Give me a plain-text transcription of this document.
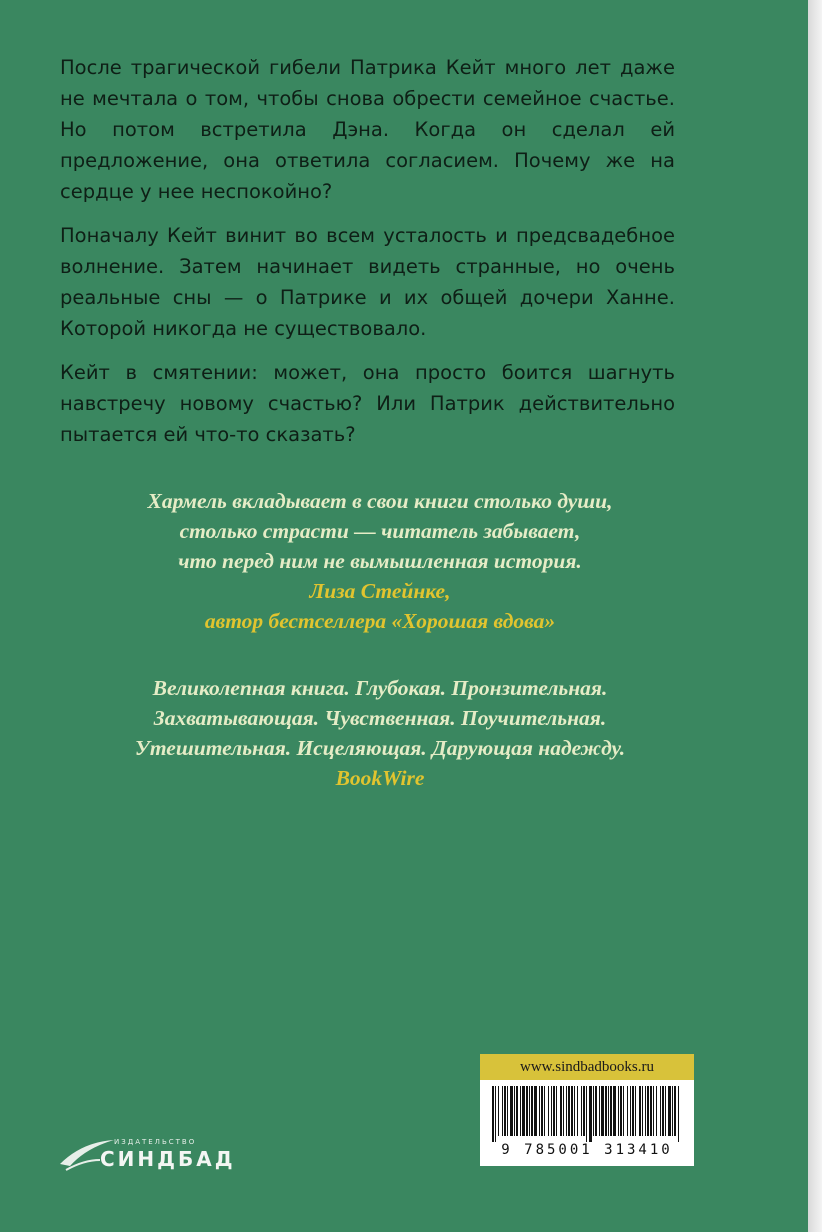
После трагической гибели Патрика Кейт много лет даже не мечтала о том, чтобы снова обрести семейное счастье. Но потом встретила Дэна. Когда он сделал ей предложение, она ответила согласием. Почему же на сердце у нее неспокойно?

Поначалу Кейт винит во всем усталость и предсвадебное волнение. Затем начинает видеть странные, но очень реальные сны — о Патрике и их общей дочери Ханне. Которой никогда не существовало.

Кейт в смятении: может, она просто боится шагнуть навстречу новому счастью? Или Патрик действительно пытается ей что-то сказать?

Хармель вкладывает в свои книги столько души,
столько страсти — читатель забывает,
что перед ним не вымышленная история.
Лиза Стейнке,
автор бестселлера «Хорошая вдова»
Великолепная книга. Глубокая. Пронзительная.
Захватывающая. Чувственная. Поучительная.
Утешительная. Исцеляющая. Дарующая надежду.
BookWire
www.sindbadbooks.ru
9 785001 313410
ИЗДАТЕЛЬСТВО
СИНДБАД
